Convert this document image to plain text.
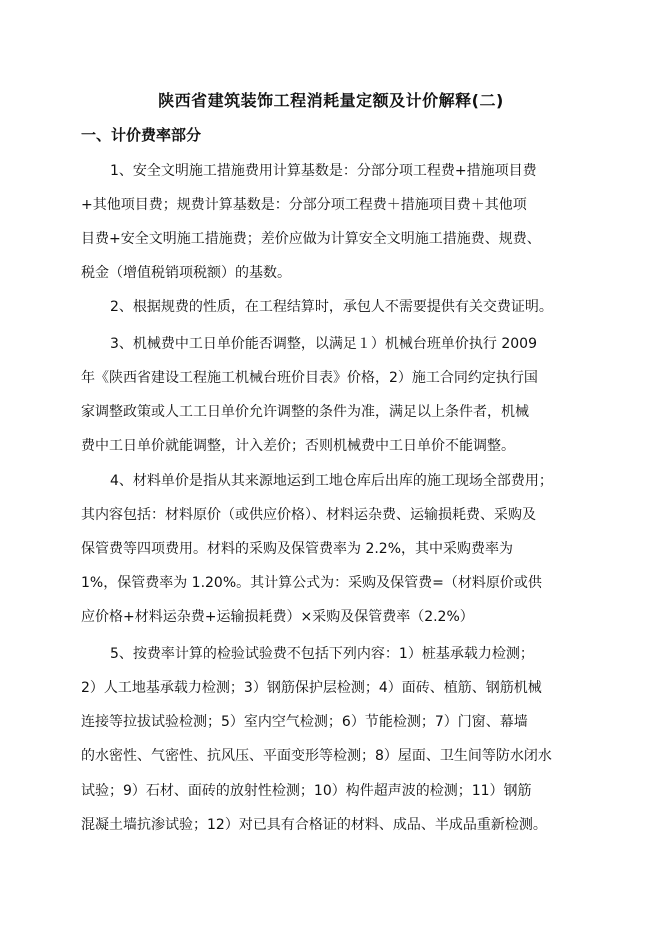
陕西省建筑装饰工程消耗量定额及计价解释(二)
一、计价费率部分
1、安全文明施工措施费用计算基数是：分部分项工程费+措施项目费
+其他项目费；规费计算基数是：分部分项工程费＋措施项目费＋其他项
目费+安全文明施工措施费；差价应做为计算安全文明施工措施费、规费、
税金（增值税销项税额）的基数。
2、根据规费的性质，在工程结算时，承包人不需要提供有关交费证明。
3、机械费中工日单价能否调整，以满足１）机械台班单价执行 2009
年《陕西省建设工程施工机械台班价目表》价格，2）施工合同约定执行国
家调整政策或人工工日单价允许调整的条件为准，满足以上条件者，机械
费中工日单价就能调整，计入差价；否则机械费中工日单价不能调整。
4、材料单价是指从其来源地运到工地仓库后出库的施工现场全部费用；
其内容包括：材料原价（或供应价格）、材料运杂费、运输损耗费、采购及
保管费等四项费用。材料的采购及保管费率为 2.2%，其中采购费率为
1%，保管费率为 1.20%。其计算公式为：采购及保管费=（材料原价或供
应价格+材料运杂费+运输损耗费）×采购及保管费率（2.2%）
5、按费率计算的检验试验费不包括下列内容：1）桩基承载力检测；
2）人工地基承载力检测；3）钢筋保护层检测；4）面砖、植筋、钢筋机械
连接等拉拔试验检测；5）室内空气检测；6）节能检测；7）门窗、幕墙
的水密性、气密性、抗风压、平面变形等检测；8）屋面、卫生间等防水闭水
试验；9）石材、面砖的放射性检测；10）构件超声波的检测；11）钢筋
混凝土墙抗渗试验；12）对已具有合格证的材料、成品、半成品重新检测。
